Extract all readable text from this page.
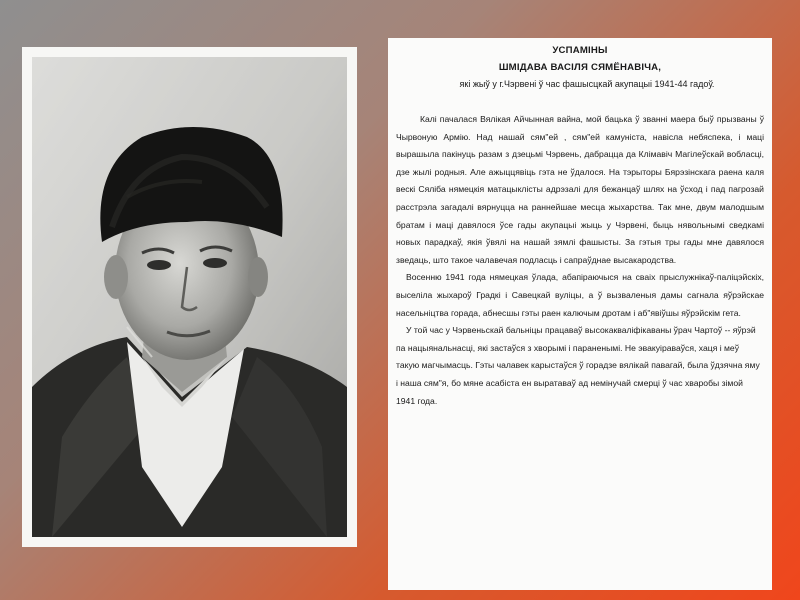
УСПАМІНЫ
ШМІДАВА ВАСІЛЯ СЯМЁНАВІЧА,
які жыў у г.Чэрвені ў час фашысцкай акупацыі 1941-44 гадоў.

Калі пачалася Вялікая Айчынная вайна, мой бацька ў званні маера быў прызваны ў Чырвоную Армію. Над нашай сям"ей , сям"ей камуніста, навісла небяспека, і маці вырашыла пакінуць разам з дзецьмі Чэрвень, дабрацца да Клімавіч Магілеўскай вобласці, дзе жылі родныя. Але ажыццявіць гэта не ўдалося. На тэрыторы Бярэзінскага раена каля вескі Сяліба нямецкія матацыклісты адрэзалі для бежанцаў шлях на ўсход і пад пагрозай расстрэла загадалі вярнуцца на раннейшае месца жыхарства. Так мне, двум малодшым братам і маці давялося ўсе гады акупацыі жыць у Чэрвені, быць нявольнымі сведкамі новых парадкаў, якія ўвялі на нашай зямлі фашысты. За гэтыя тры гады мне давялося зведаць, што такое чалавечая подласць і сапраўднае высакародства.

Восенню 1941 года нямецкая ўлада, абапіраючыся на сваіх прыслужнікаў-паліцэйскіх, выселіла жыхароў Градкі і Савецкай вуліцы, а ў вызваленыя дамы сагнала яўрэйскае насельніцтва горада, абнесшы гэты раен калючым дротам і аб"явіўшы яўрэйскім гета.

У той час у Чэрвеньскай бальніцы працаваў высокакваліфікаваны ўрач Чартоў -- яўрэй па нацыянальнасці, які застаўся з хворымі і параненымі. Не эвакуіраваўся, хаця і меў такую магчымасць. Гэты чалавек карыстаўся ў горадзе вялікай павагай, была ўдзячна яму і наша сям"я, бо мяне асабіста ен выратаваў ад немінучай смерці ў час хваробы зімой 1941 года.
